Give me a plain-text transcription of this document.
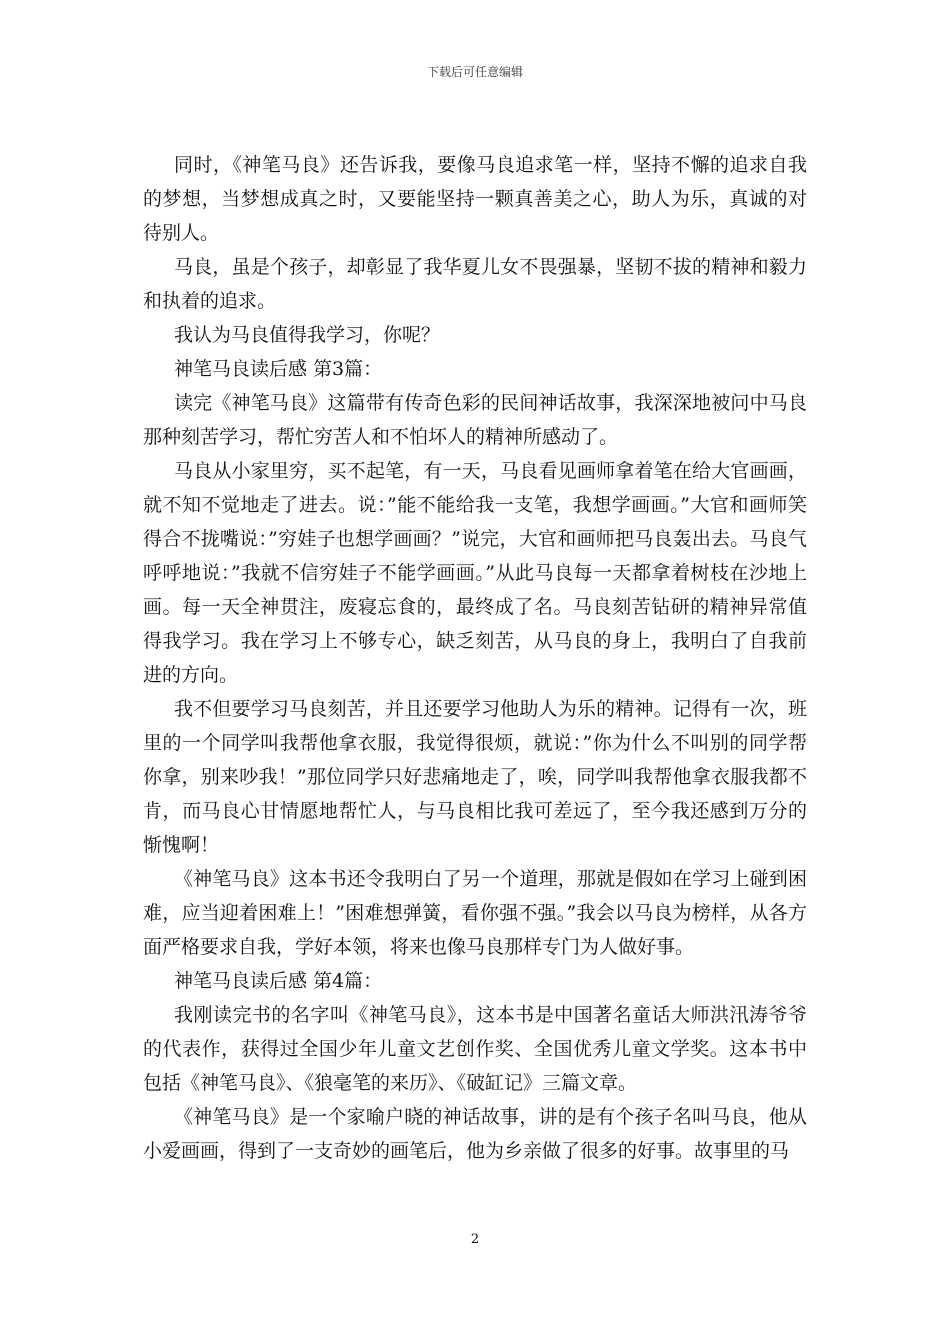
下载后可任意编辑

同时，《神笔马良》还告诉我，要像马良追求笔一样，坚持不懈的追求自我的梦想，当梦想成真之时，又要能坚持一颗真善美之心，助人为乐，真诚的对待别人。

马良，虽是个孩子，却彰显了我华夏儿女不畏强暴，坚韧不拔的精神和毅力和执着的追求。

我认为马良值得我学习，你呢？

神笔马良读后感 第3篇：

读完《神笔马良》这篇带有传奇色彩的民间神话故事，我深深地被问中马良那种刻苦学习，帮忙穷苦人和不怕坏人的精神所感动了。

马良从小家里穷，买不起笔，有一天，马良看见画师拿着笔在给大官画画，就不知不觉地走了进去。说：”能不能给我一支笔，我想学画画。”大官和画师笑得合不拢嘴说：”穷娃子也想学画画？”说完，大官和画师把马良轰出去。马良气呼呼地说：”我就不信穷娃子不能学画画。”从此马良每一天都拿着树枝在沙地上画。每一天全神贯注，废寝忘食的，最终成了名。马良刻苦钻研的精神异常值得我学习。我在学习上不够专心，缺乏刻苦，从马良的身上，我明白了自我前进的方向。

我不但要学习马良刻苦，并且还要学习他助人为乐的精神。记得有一次，班里的一个同学叫我帮他拿衣服，我觉得很烦，就说：”你为什么不叫别的同学帮你拿，别来吵我！”那位同学只好悲痛地走了，唉，同学叫我帮他拿衣服我都不肯，而马良心甘情愿地帮忙人，与马良相比我可差远了，至今我还感到万分的惭愧啊！

《神笔马良》这本书还令我明白了另一个道理，那就是假如在学习上碰到困难，应当迎着困难上！”困难想弹簧，看你强不强。”我会以马良为榜样，从各方面严格要求自我，学好本领，将来也像马良那样专门为人做好事。

神笔马良读后感 第4篇：

我刚读完书的名字叫《神笔马良》，这本书是中国著名童话大师洪汛涛爷爷的代表作，获得过全国少年儿童文艺创作奖、全国优秀儿童文学奖。这本书中包括《神笔马良》、《狼毫笔的来历》、《破缸记》三篇文章。

《神笔马良》是一个家喻户晓的神话故事，讲的是有个孩子名叫马良，他从小爱画画，得到了一支奇妙的画笔后，他为乡亲做了很多的好事。故事里的马

2
